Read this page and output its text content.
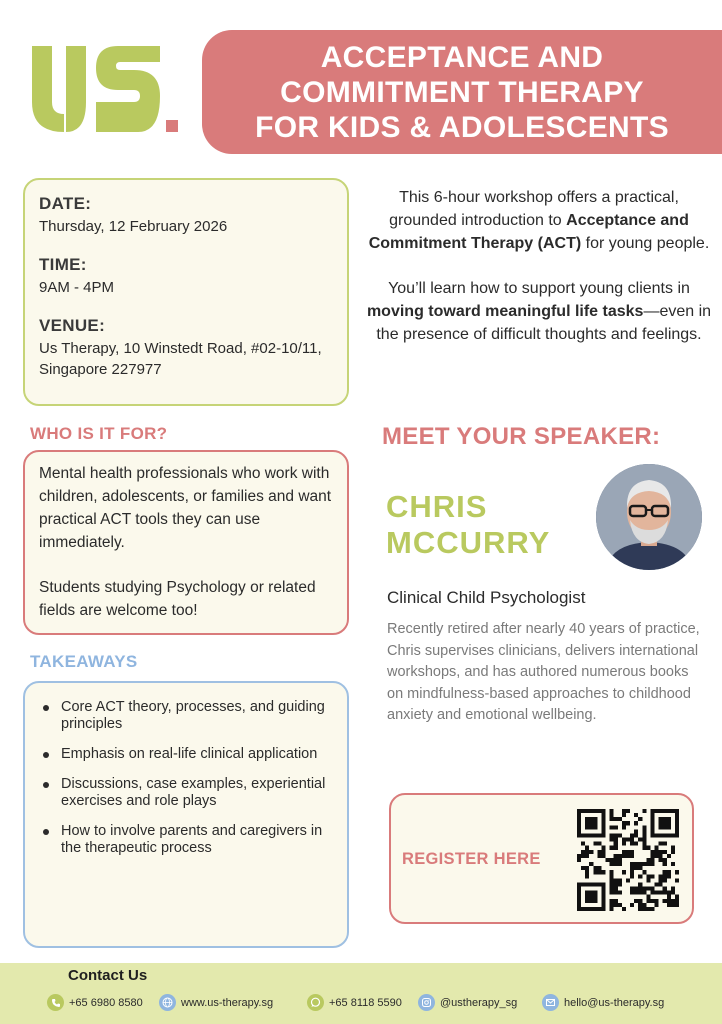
ACCEPTANCE AND
COMMITMENT THERAPY
FOR KIDS & ADOLESCENTS
DATE:
Thursday, 12 February 2026
TIME:
9AM - 4PM
VENUE:
Us Therapy, 10 Winstedt Road, #02-10/11, Singapore 227977
WHO IS IT FOR?

Mental health professionals who work with children, adolescents, or families and want practical ACT tools they can use immediately.

Students studying Psychology or related fields are welcome too!

TAKEAWAYS
Core ACT theory, processes, and guiding principles
Emphasis on real-life clinical application
Discussions, case examples, experiential exercises and role plays
How to involve parents and caregivers in the therapeutic process

This 6-hour workshop offers a practical, grounded introduction to Acceptance and Commitment Therapy (ACT) for young people.

You’ll learn how to support young clients in moving toward meaningful life tasks—even in the presence of difficult thoughts and feelings.

MEET YOUR SPEAKER:
CHRIS
MCCURRY
Clinical Child Psychologist
Recently retired after nearly 40 years of practice, Chris supervises clinicians, delivers international workshops, and has authored numerous books on mindfulness-based approaches to childhood anxiety and emotional wellbeing.
REGISTER HERE
Contact Us
+65 6980 8580	www.us-therapy.sg	+65 8118 5590	@ustherapy_sg	hello@us-therapy.sg
